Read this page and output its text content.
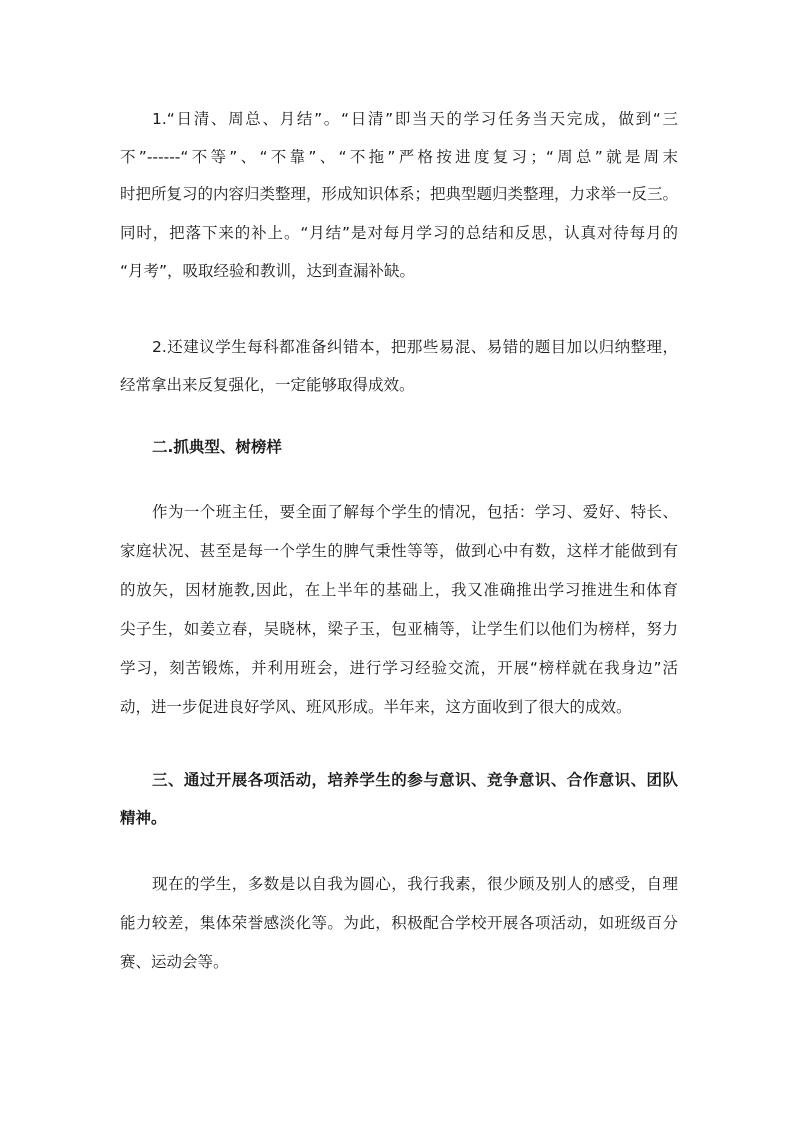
1.“日清、周总、月结”。“日清”即当天的学习任务当天完成，做到“三
不”------“不等”、“不靠”、“不拖”严格按进度复习；“周总”就是周末
时把所复习的内容归类整理，形成知识体系；把典型题归类整理，力求举一反三。
同时，把落下来的补上。“月结”是对每月学习的总结和反思，认真对待每月的
“月考”，吸取经验和教训，达到查漏补缺。
2.还建议学生每科都准备纠错本，把那些易混、易错的题目加以归纳整理，
经常拿出来反复强化，一定能够取得成效。
二.抓典型、树榜样
作为一个班主任，要全面了解每个学生的情况，包括：学习、爱好、特长、
家庭状况、甚至是每一个学生的脾气秉性等等，做到心中有数，这样才能做到有
的放矢，因材施教,因此，在上半年的基础上，我又准确推出学习推进生和体育
尖子生，如姜立春，吴晓林，梁子玉，包亚楠等，让学生们以他们为榜样，努力
学习，刻苦锻炼，并利用班会，进行学习经验交流，开展“榜样就在我身边”活
动，进一步促进良好学风、班风形成。半年来，这方面收到了很大的成效。
三、通过开展各项活动，培养学生的参与意识、竞争意识、合作意识、团队
精神。
现在的学生，多数是以自我为圆心，我行我素，很少顾及别人的感受，自理
能力较差，集体荣誉感淡化等。为此，积极配合学校开展各项活动，如班级百分
赛、运动会等。
